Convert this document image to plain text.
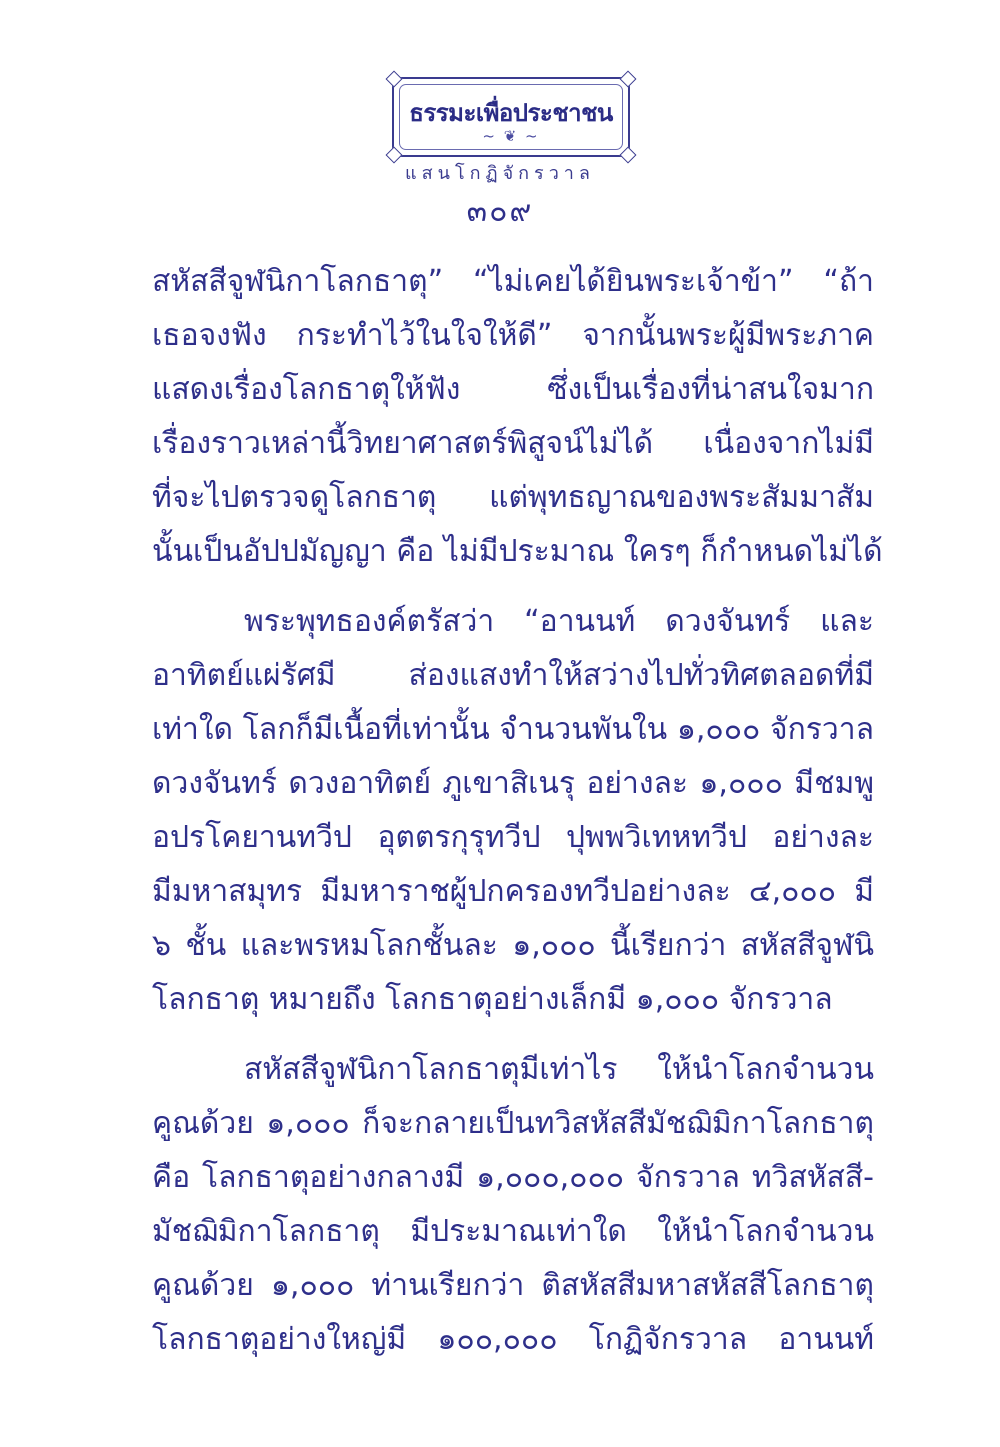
ธรรมะเพื่อประชาชน
~ ❦ ~
แสนโกฏิจักรวาล
๓๐๙
สหัสสีจูฬนิกาโลกธาตุ” “ไม่เคยได้ยินพระเจ้าข้า” “ถ้า
เธอจงฟัง กระทำไว้ในใจให้ดี” จากนั้นพระผู้มีพระภาค
แสดงเรื่องโลกธาตุให้ฟัง ซึ่งเป็นเรื่องที่น่าสนใจมาก
เรื่องราวเหล่านี้วิทยาศาสตร์พิสูจน์ไม่ได้ เนื่องจากไม่มี
ที่จะไปตรวจดูโลกธาตุ แต่พุทธญาณของพระสัมมาสัม
นั้นเป็นอัปปมัญญา คือ ไม่มีประมาณ ใครๆ ก็กำหนดไม่ได้
พระพุทธองค์ตรัสว่า “อานนท์ ดวงจันทร์ และ
อาทิตย์แผ่รัศมี ส่องแสงทำให้สว่างไปทั่วทิศตลอดที่มี
เท่าใด โลกก็มีเนื้อที่เท่านั้น จำนวนพันใน ๑,๐๐๐ จักรวาล
ดวงจันทร์ ดวงอาทิตย์ ภูเขาสิเนรุ อย่างละ ๑,๐๐๐ มีชมพู
อปรโคยานทวีป อุตตรกุรุทวีป ปุพพวิเทหทวีป อย่างละ
มีมหาสมุทร มีมหาราชผู้ปกครองทวีปอย่างละ ๔,๐๐๐ มี
๖ ชั้น และพรหมโลกชั้นละ ๑,๐๐๐ นี้เรียกว่า สหัสสีจูฬนิ
โลกธาตุ หมายถึง โลกธาตุอย่างเล็กมี ๑,๐๐๐ จักรวาล
สหัสสีจูฬนิกาโลกธาตุมีเท่าไร ให้นำโลกจำนวน
คูณด้วย ๑,๐๐๐ ก็จะกลายเป็นทวิสหัสสีมัชฌิมิกาโลกธาตุ
คือ โลกธาตุอย่างกลางมี ๑,๐๐๐,๐๐๐ จักรวาล ทวิสหัสสี-
มัชฌิมิกาโลกธาตุ มีประมาณเท่าใด ให้นำโลกจำนวน
คูณด้วย ๑,๐๐๐ ท่านเรียกว่า ติสหัสสีมหาสหัสสีโลกธาตุ
โลกธาตุอย่างใหญ่มี ๑๐๐,๐๐๐ โกฏิจักรวาล อานนท์
